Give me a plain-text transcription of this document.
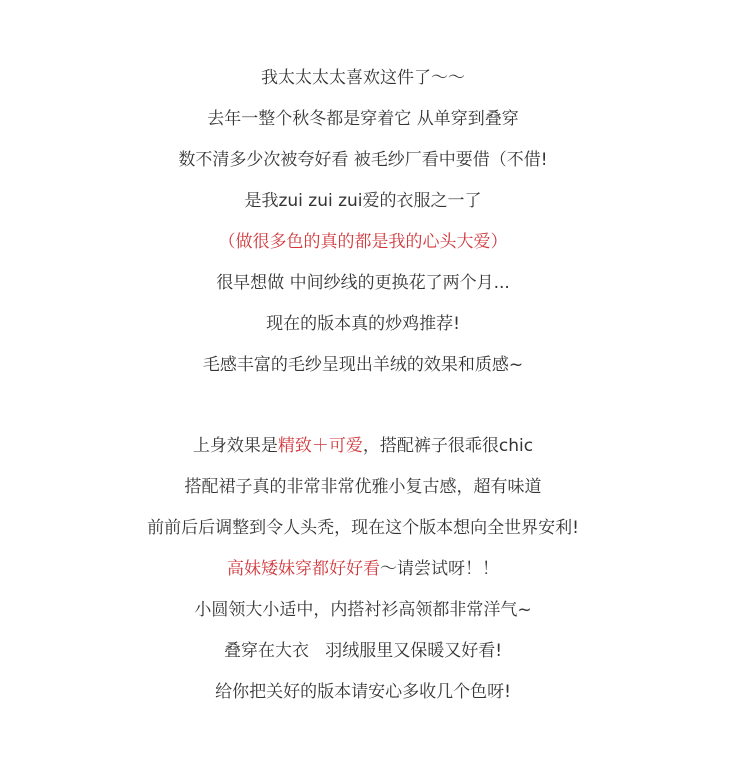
我太太太太喜欢这件了～～
去年一整个秋冬都是穿着它 从单穿到叠穿
数不清多少次被夸好看 被毛纱厂看中要借（不借!
是我zui zui zui爱的衣服之一了
（做很多色的真的都是我的心头大爱）
很早想做 中间纱线的更换花了两个月...
现在的版本真的炒鸡推荐!
毛感丰富的毛纱呈现出羊绒的效果和质感~
上身效果是精致＋可爱，搭配裤子很乖很chic
搭配裙子真的非常非常优雅小复古感，超有味道
前前后后调整到令人头秃，现在这个版本想向全世界安利!
高妹矮妹穿都好好看～请尝试呀！！
小圆领大小适中，内搭衬衫高领都非常洋气~
叠穿在大衣   羽绒服里又保暖又好看!
给你把关好的版本请安心多收几个色呀!
